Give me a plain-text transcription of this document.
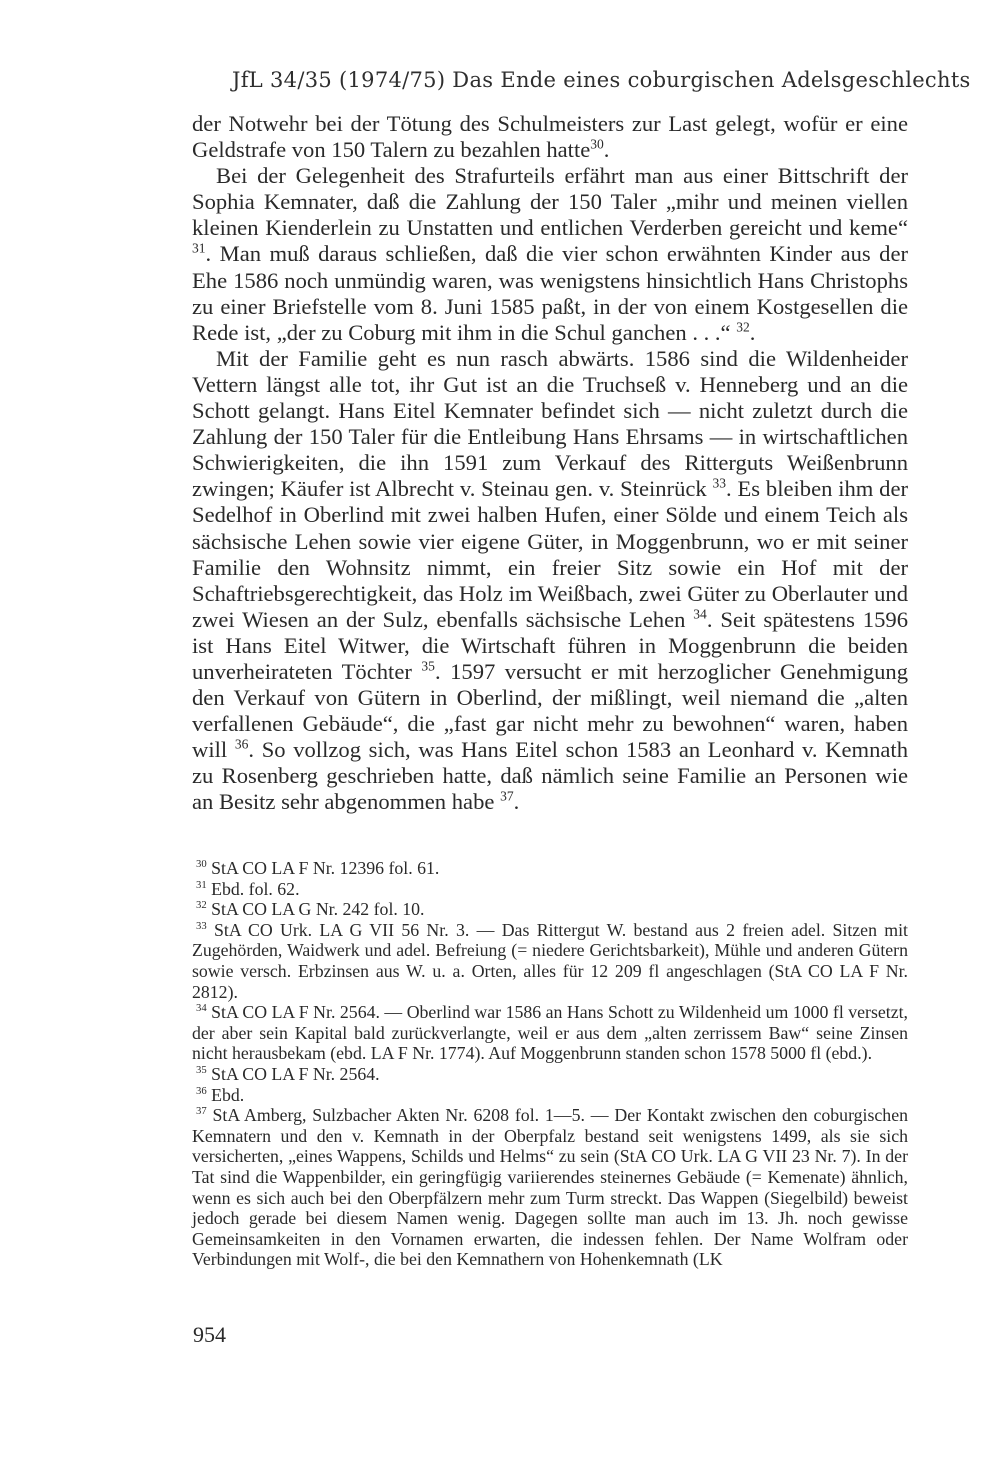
JfL 34/35 (1974/75) Das Ende eines coburgischen Adelsgeschlechts

der Notwehr bei der Tötung des Schulmeisters zur Last gelegt, wofür er eine Geldstrafe von 150 Talern zu bezahlen hatte$^{30}$.

Bei der Gelegenheit des Strafurteils erfährt man aus einer Bittschrift der Sophia Kemnater, daß die Zahlung der 150 Taler „mihr und meinen viellen kleinen Kienderlein zu Unstatten und entlichen Verderben gereicht und keme“ $^{31}$. Man muß daraus schließen, daß die vier schon erwähnten Kinder aus der Ehe 1586 noch unmündig waren, was wenigstens hinsichtlich Hans Christophs zu einer Briefstelle vom 8. Juni 1585 paßt, in der von einem Kostgesellen die Rede ist, „der zu Coburg mit ihm in die Schul ganchen . . .“ $^{32}$.

Mit der Familie geht es nun rasch abwärts. 1586 sind die Wildenheider Vettern längst alle tot, ihr Gut ist an die Truchseß v. Henneberg und an die Schott gelangt. Hans Eitel Kemnater befindet sich — nicht zuletzt durch die Zahlung der 150 Taler für die Entleibung Hans Ehrsams — in wirtschaftlichen Schwierigkeiten, die ihn 1591 zum Verkauf des Ritterguts Weißenbrunn zwingen; Käufer ist Albrecht v. Steinau gen. v. Steinrück $^{33}$. Es bleiben ihm der Sedelhof in Oberlind mit zwei halben Hufen, einer Sölde und einem Teich als sächsische Lehen sowie vier eigene Güter, in Moggenbrunn, wo er mit seiner Familie den Wohnsitz nimmt, ein freier Sitz sowie ein Hof mit der Schaftriebsgerechtigkeit, das Holz im Weißbach, zwei Güter zu Oberlauter und zwei Wiesen an der Sulz, ebenfalls sächsische Lehen $^{34}$. Seit spätestens 1596 ist Hans Eitel Witwer, die Wirtschaft führen in Moggenbrunn die beiden unverheirateten Töchter $^{35}$. 1597 versucht er mit herzoglicher Genehmigung den Verkauf von Gütern in Oberlind, der mißlingt, weil niemand die „alten verfallenen Gebäude“, die „fast gar nicht mehr zu bewohnen“ waren, haben will $^{36}$. So vollzog sich, was Hans Eitel schon 1583 an Leonhard v. Kemnath zu Rosenberg geschrieben hatte, daß nämlich seine Familie an Personen wie an Besitz sehr abgenommen habe $^{37}$.

$^{30}$ StA CO LA F Nr. 12396 fol. 61.

$^{31}$ Ebd. fol. 62.

$^{32}$ StA CO LA G Nr. 242 fol. 10.

$^{33}$ StA CO Urk. LA G VII 56 Nr. 3. — Das Rittergut W. bestand aus 2 freien adel. Sitzen mit Zugehörden, Waidwerk und adel. Befreiung (= niedere Gerichtsbarkeit), Mühle und anderen Gütern sowie versch. Erbzinsen aus W. u. a. Orten, alles für 12 209 fl angeschlagen (StA CO LA F Nr. 2812).

$^{34}$ StA CO LA F Nr. 2564. — Oberlind war 1586 an Hans Schott zu Wildenheid um 1000 fl versetzt, der aber sein Kapital bald zurückverlangte, weil er aus dem „alten zerrissem Baw“ seine Zinsen nicht herausbekam (ebd. LA F Nr. 1774). Auf Moggenbrunn standen schon 1578 5000 fl (ebd.).

$^{35}$ StA CO LA F Nr. 2564.

$^{36}$ Ebd.

$^{37}$ StA Amberg, Sulzbacher Akten Nr. 6208 fol. 1—5. — Der Kontakt zwischen den coburgischen Kemnatern und den v. Kemnath in der Oberpfalz bestand seit wenigstens 1499, als sie sich versicherten, „eines Wappens, Schilds und Helms“ zu sein (StA CO Urk. LA G VII 23 Nr. 7). In der Tat sind die Wappenbilder, ein geringfügig variierendes steinernes Gebäude (= Kemenate) ähnlich, wenn es sich auch bei den Oberpfälzern mehr zum Turm streckt. Das Wappen (Siegelbild) beweist jedoch gerade bei diesem Namen wenig. Dagegen sollte man auch im 13. Jh. noch gewisse Gemeinsamkeiten in den Vornamen erwarten, die indessen fehlen. Der Name Wolfram oder Verbindungen mit Wolf-, die bei den Kemnathern von Hohenkemnath (LK

954
